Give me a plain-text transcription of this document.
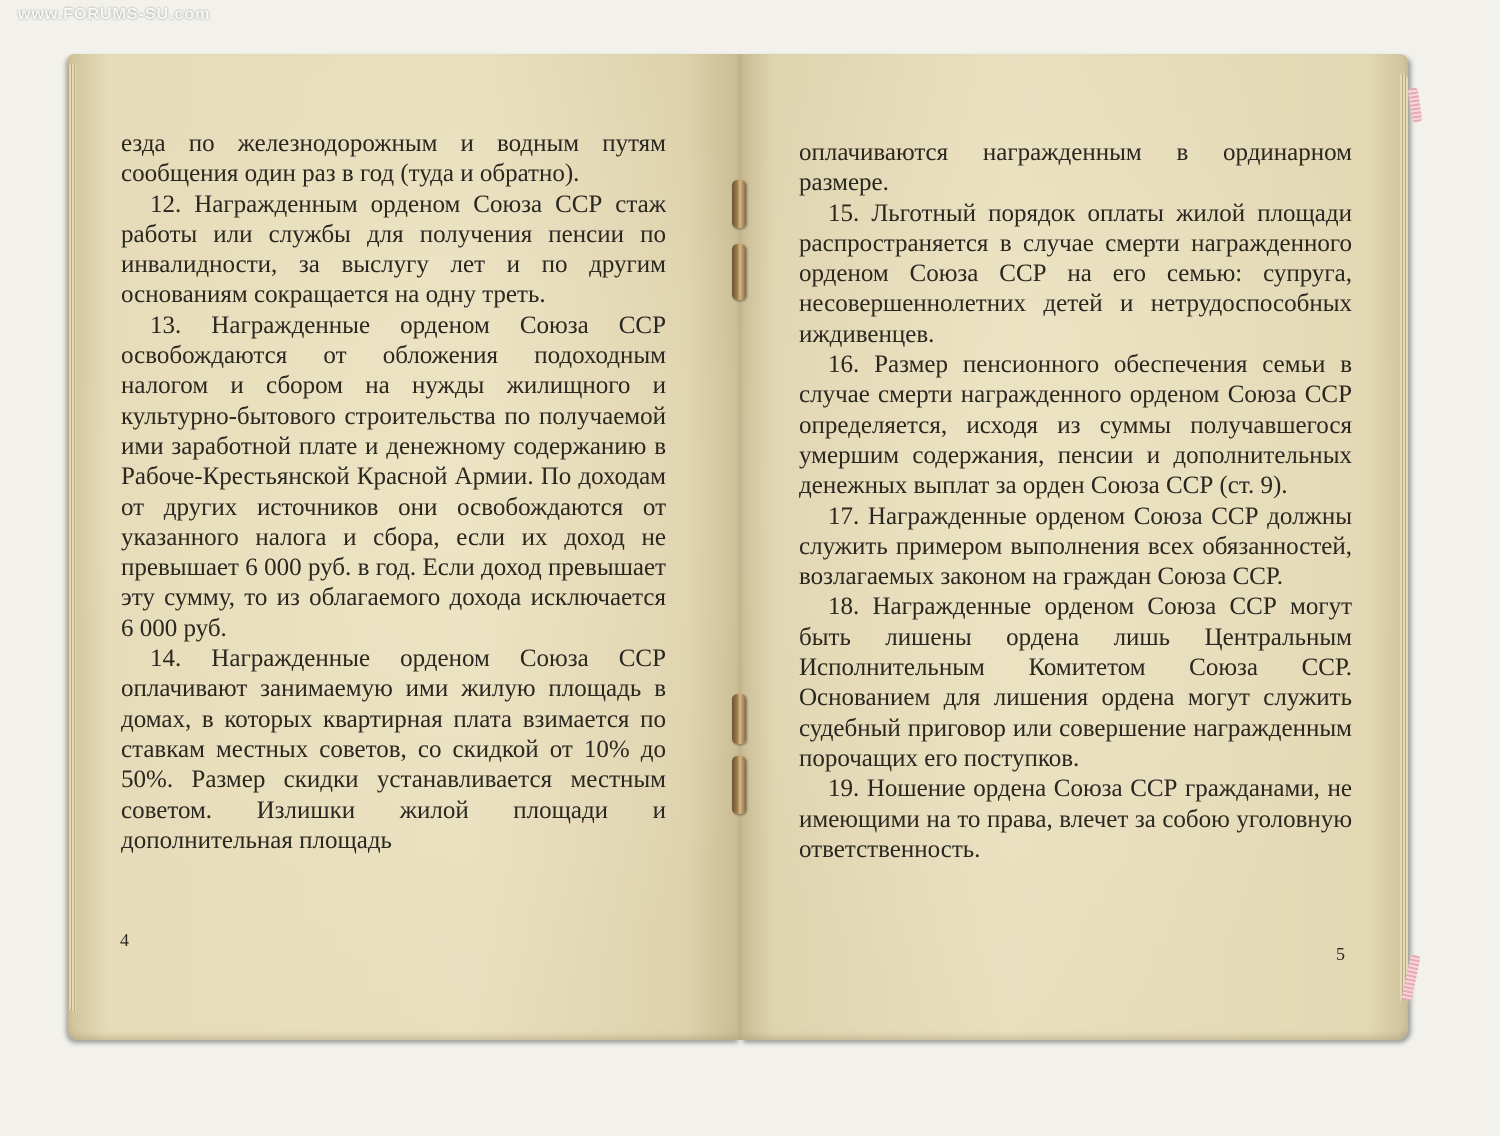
www.FORUMS-SU.com

езда по железнодорожным и водным путям сообщения один раз в год (туда и обратно).

12. Награжденным орденом Союза ССР стаж работы или службы для получения пенсии по инвалидности, за выслугу лет и по другим основаниям сокращается на одну треть.

13. Награжденные орденом Союза ССР освобождаются от обложения подоходным налогом и сбором на нужды жилищного и культурно-бытового строительства по получаемой ими заработной плате и денежному содержанию в Рабоче-Крестьянской Красной Армии. По доходам от других источников они освобождаются от указанного налога и сбора, если их доход не превышает 6 000 руб. в год. Если доход превышает эту сумму, то из облагаемого дохода исключается 6 000 руб.

14. Награжденные орденом Союза ССР оплачивают занимаемую ими жилую площадь в домах, в которых квартирная плата взимается по ставкам местных советов, со скидкой от 10% до 50%. Размер скидки устанавливается местным советом. Излишки жилой площади и дополнительная площадь

4

оплачиваются награжденным в ординарном размере.

15. Льготный порядок оплаты жилой площади распространяется в случае смерти награжденного орденом Союза ССР на его семью: супруга, несовершеннолетних детей и нетрудоспособных иждивенцев.

16. Размер пенсионного обеспечения семьи в случае смерти награжденного орденом Союза ССР определяется, исходя из суммы получавшегося умершим содержания, пенсии и дополнительных денежных выплат за орден Союза ССР (ст. 9).

17. Награжденные орденом Союза ССР должны служить примером выполнения всех обязанностей, возлагаемых законом на граждан Союза ССР.

18. Награжденные орденом Союза ССР могут быть лишены ордена лишь Центральным Исполнительным Комитетом Союза ССР. Основанием для лишения ордена могут служить судебный приговор или совершение награжденным порочащих его поступков.

19. Ношение ордена Союза ССР гражданами, не имеющими на то права, влечет за собою уголовную ответственность.

5
